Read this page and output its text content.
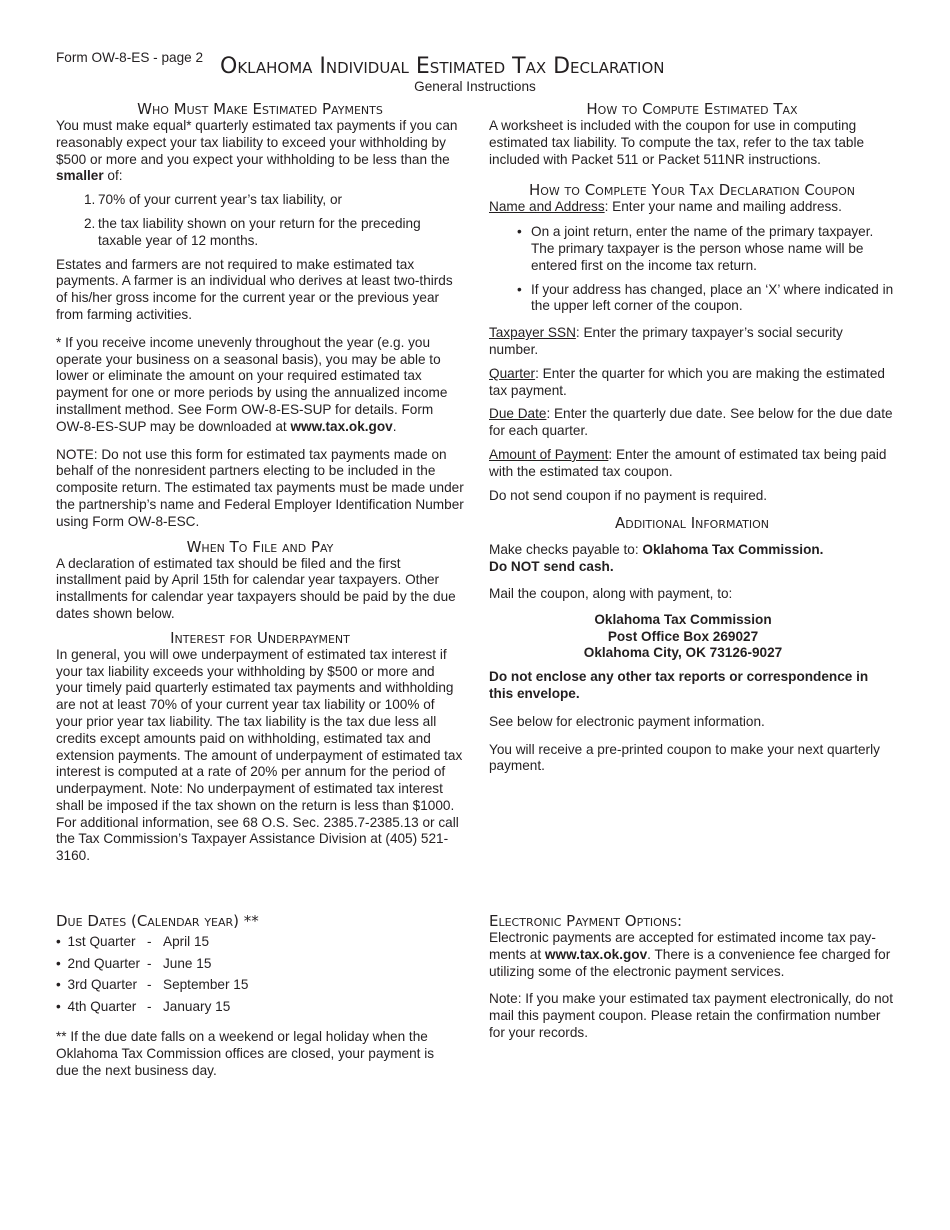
Form OW-8-ES - page 2 Oklahoma Individual Estimated Tax Declaration
General Instructions
Who Must Make Estimated Payments

You must make equal* quarterly estimated tax payments if you can reasonably expect your tax liability to exceed your withholding by $500 or more and you expect your withholding to be less than the smaller of:

1. 70% of your current year’s tax liability, or
2. the tax liability shown on your return for the preceding taxable year of 12 months.

Estates and farmers are not required to make estimated tax payments. A farmer is an individual who derives at least two-thirds of his/her gross income for the current year or the previous year from farming activities.

* If you receive income unevenly throughout the year (e.g. you operate your business on a seasonal basis), you may be able to lower or eliminate the amount on your required estimated tax payment for one or more periods by using the annualized income installment method. See Form OW-8-ES-SUP for details. Form OW-8-ES-SUP may be downloaded at www.tax.ok.gov.

NOTE: Do not use this form for estimated tax payments made on behalf of the nonresident partners electing to be included in the composite return. The estimated tax payments must be made under the partnership’s name and Federal Employer Identification Number using Form OW-8-ESC.

When To File and Pay

A declaration of estimated tax should be filed and the first installment paid by April 15th for calendar year taxpayers. Other installments for calendar year taxpayers should be paid by the due dates shown below.

Interest for Underpayment

In general, you will owe underpayment of estimated tax interest if your tax liability exceeds your withholding by $500 or more and your timely paid quarterly estimated tax payments and withholding are not at least 70% of your current year tax liability or 100% of your prior year tax liability. The tax liability is the tax due less all credits except amounts paid on withholding, estimated tax and extension payments. The amount of underpayment of estimated tax interest is computed at a rate of 20% per annum for the period of underpayment. Note: No underpayment of estimated tax interest shall be imposed if the tax shown on the return is less than $1000. For additional information, see 68 O.S. Sec. 2385.7-2385.13 or call the Tax Commission’s Taxpayer Assistance Division at (405) 521-3160.

Due Dates (Calendar year) **
• 1st Quarter - April 15
• 2nd Quarter - June 15
• 3rd Quarter - September 15
• 4th Quarter - January 15

** If the due date falls on a weekend or legal holiday when the Oklahoma Tax Commission offices are closed, your payment is due the next business day.

How to Compute Estimated Tax

A worksheet is included with the coupon for use in computing estimated tax liability. To compute the tax, refer to the tax table included with Packet 511 or Packet 511NR instructions.

How to Complete Your Tax Declaration Coupon

Name and Address: Enter your name and mailing address.

• On a joint return, enter the name of the primary taxpayer. The primary taxpayer is the person whose name will be entered first on the income tax return.
• If your address has changed, place an ‘X’ where indicated in the upper left corner of the coupon.

Taxpayer SSN: Enter the primary taxpayer’s social security number.

Quarter: Enter the quarter for which you are making the estimated tax payment.

Due Date: Enter the quarterly due date. See below for the due date for each quarter.

Amount of Payment: Enter the amount of estimated tax being paid with the estimated tax coupon.

Do not send coupon if no payment is required.

Additional Information

Make checks payable to: Oklahoma Tax Commission.
Do NOT send cash.

Mail the coupon, along with payment, to:

Oklahoma Tax Commission
Post Office Box 269027
Oklahoma City, OK 73126-9027

Do not enclose any other tax reports or correspondence in this envelope.

See below for electronic payment information.

You will receive a pre-printed coupon to make your next quarterly payment.

Electronic Payment Options:

Electronic payments are accepted for estimated income tax pay-ments at www.tax.ok.gov. There is a convenience fee charged for utilizing some of the electronic payment services.

Note: If you make your estimated tax payment electronically, do not mail this payment coupon. Please retain the confirmation number for your records.
